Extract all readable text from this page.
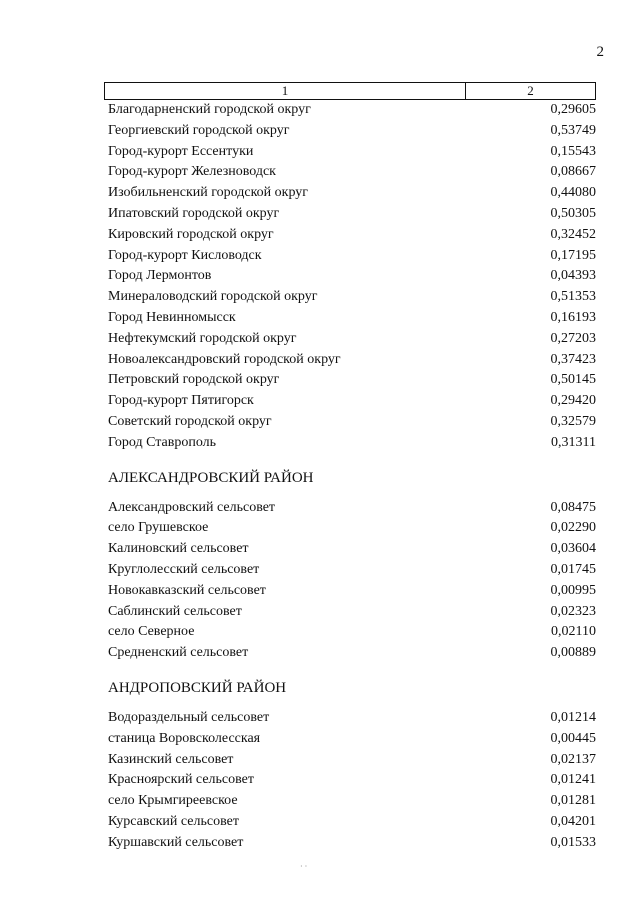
2
1	2
Благодарненский городской округ	0,29605
Георгиевский городской округ	0,53749
Город-курорт Ессентуки	0,15543
Город-курорт Железноводск	0,08667
Изобильненский городской округ	0,44080
Ипатовский городской округ	0,50305
Кировский городской округ	0,32452
Город-курорт Кисловодск	0,17195
Город Лермонтов	0,04393
Минераловодский городской округ	0,51353
Город Невинномысск	0,16193
Нефтекумский городской округ	0,27203
Новоалександровский городской округ	0,37423
Петровский городской округ	0,50145
Город-курорт Пятигорск	0,29420
Советский городской округ	0,32579
Город Ставрополь	0,31311
АЛЕКСАНДРОВСКИЙ РАЙОН
Александровский сельсовет	0,08475
село Грушевское	0,02290
Калиновский сельсовет	0,03604
Круглолесский сельсовет	0,01745
Новокавказский сельсовет	0,00995
Саблинский сельсовет	0,02323
село Северное	0,02110
Средненский сельсовет	0,00889
АНДРОПОВСКИЙ РАЙОН
Водораздельный сельсовет	0,01214
станица Воровсколесская	0,00445
Казинский сельсовет	0,02137
Красноярский сельсовет	0,01241
село Крымгиреевское	0,01281
Курсавский сельсовет	0,04201
Куршавский сельсовет	0,01533
· ·
